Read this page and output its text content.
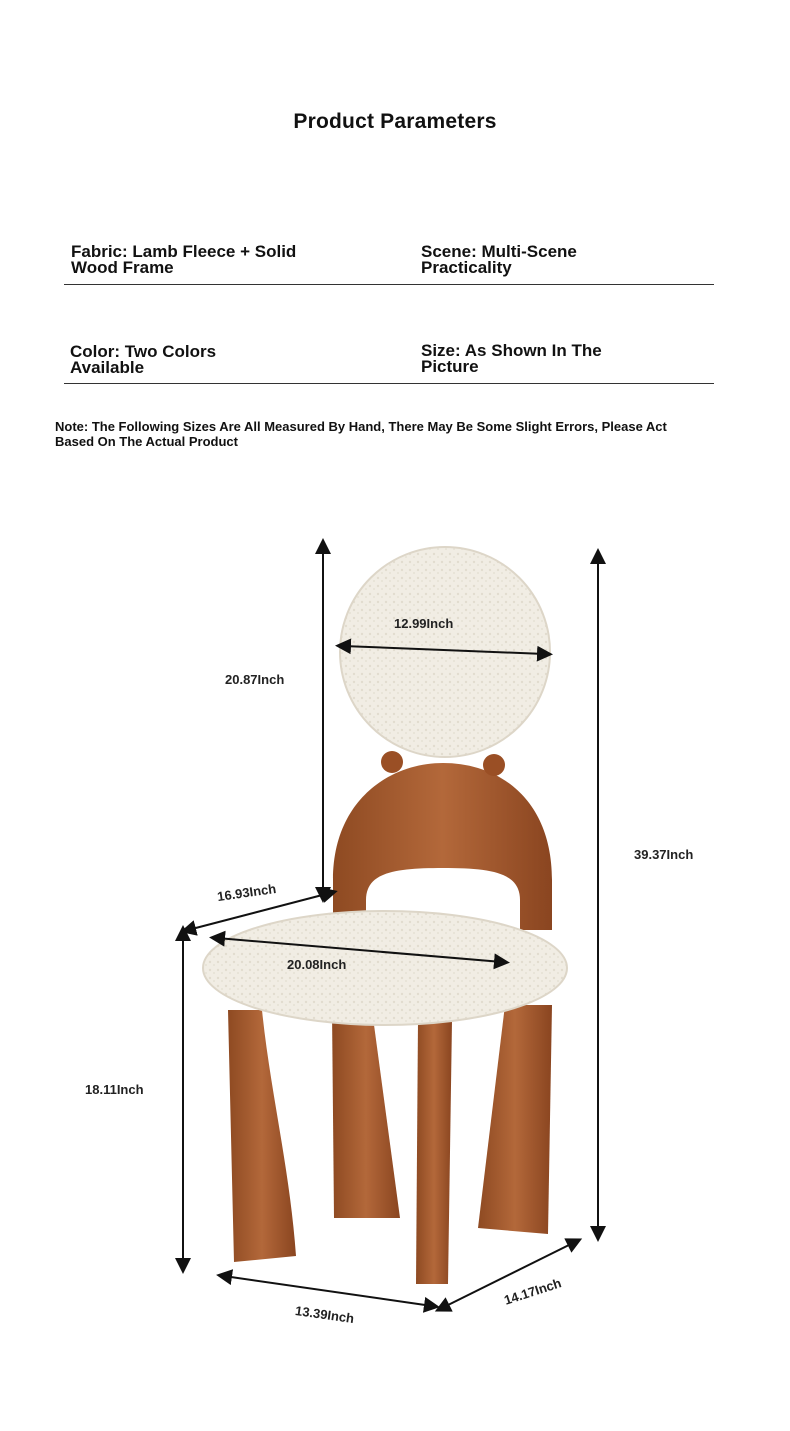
Product Parameters
Fabric: Lamb Fleece + Solid Wood Frame
Scene: Multi-Scene Practicality
Color: Two Colors Available
Size: As Shown In The Picture
Note: The Following Sizes Are All Measured By Hand, There May Be Some Slight Errors, Please Act Based On The Actual Product
12.99Inch
20.87Inch
39.37Inch
16.93Inch
20.08Inch
18.11Inch
13.39Inch
14.17Inch
